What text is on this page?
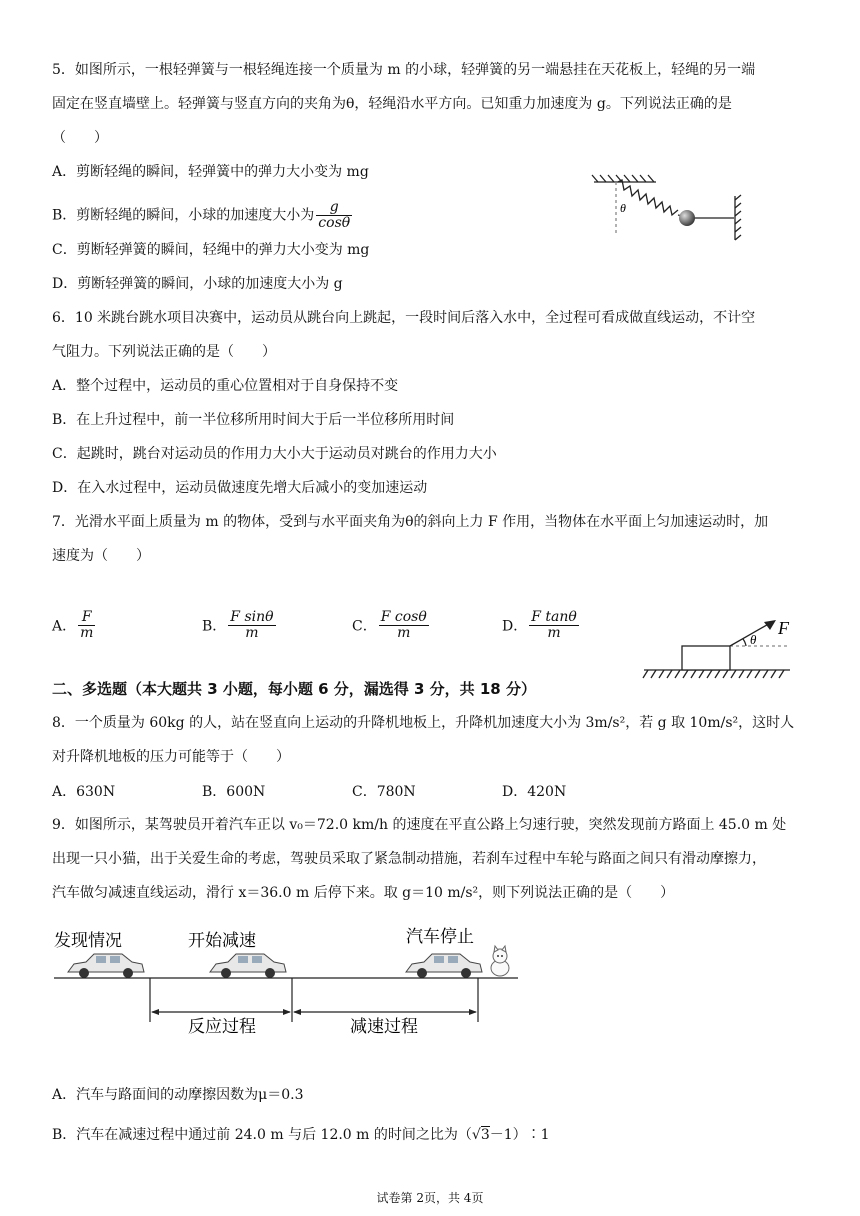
5．如图所示，一根轻弹簧与一根轻绳连接一个质量为 m 的小球，轻弹簧的另一端悬挂在天花板上，轻绳的另一端
固定在竖直墙壁上。轻弹簧与竖直方向的夹角为θ，轻绳沿水平方向。已知重力加速度为 g。下列说法正确的是
（　　）
A．剪断轻绳的瞬间，轻弹簧中的弹力大小变为 mg
B．剪断轻绳的瞬间，小球的加速度大小为 $\frac{g}{\cos\theta}$
C．剪断轻弹簧的瞬间，轻绳中的弹力大小变为 mg
D．剪断轻弹簧的瞬间，小球的加速度大小为 g
θ
6．10 米跳台跳水项目决赛中，运动员从跳台向上跳起，一段时间后落入水中，全过程可看成做直线运动，不计空
气阻力。下列说法正确的是（　　）
A．整个过程中，运动员的重心位置相对于自身保持不变
B．在上升过程中，前一半位移所用时间大于后一半位移所用时间
C．起跳时，跳台对运动员的作用力大小大于运动员对跳台的作用力大小
D．在入水过程中，运动员做速度先增大后减小的变加速运动
7．光滑水平面上质量为 m 的物体，受到与水平面夹角为θ的斜向上力 F 作用，当物体在水平面上匀加速运动时，加
速度为（　　）
A． $\frac{F}{m}$	B． $\frac{\text{F sinθ}}{m}$	C． $\frac{\text{F cosθ}}{m}$	D． $\frac{\text{F tanθ}}{m}$	F
θ
二、多选题（本大题共 3 小题，每小题 6 分，漏选得 3 分，共 18 分）
8．一个质量为 60kg 的人，站在竖直向上运动的升降机地板上，升降机加速度大小为 3m/s²，若 g 取 10m/s²，这时人
对升降机地板的压力可能等于（　　）
A．630N	B．600N	C．780N	D．420N
9．如图所示，某驾驶员开着汽车正以 v₀＝72.0 km/h 的速度在平直公路上匀速行驶，突然发现前方路面上 45.0 m 处
出现一只小猫，出于关爱生命的考虑，驾驶员采取了紧急制动措施，若刹车过程中车轮与路面之间只有滑动摩擦力，
汽车做匀减速直线运动，滑行 x＝36.0 m 后停下来。取 g＝10 m/s²，则下列说法正确的是（　　）
发现情况	开始减速	汽车停止
反应过程	减速过程
A．汽车与路面间的动摩擦因数为μ＝0.3
B．汽车在减速过程中通过前 24.0 m 与后 12.0 m 的时间之比为（√3－1）∶1
试卷第 2页，共 4页
